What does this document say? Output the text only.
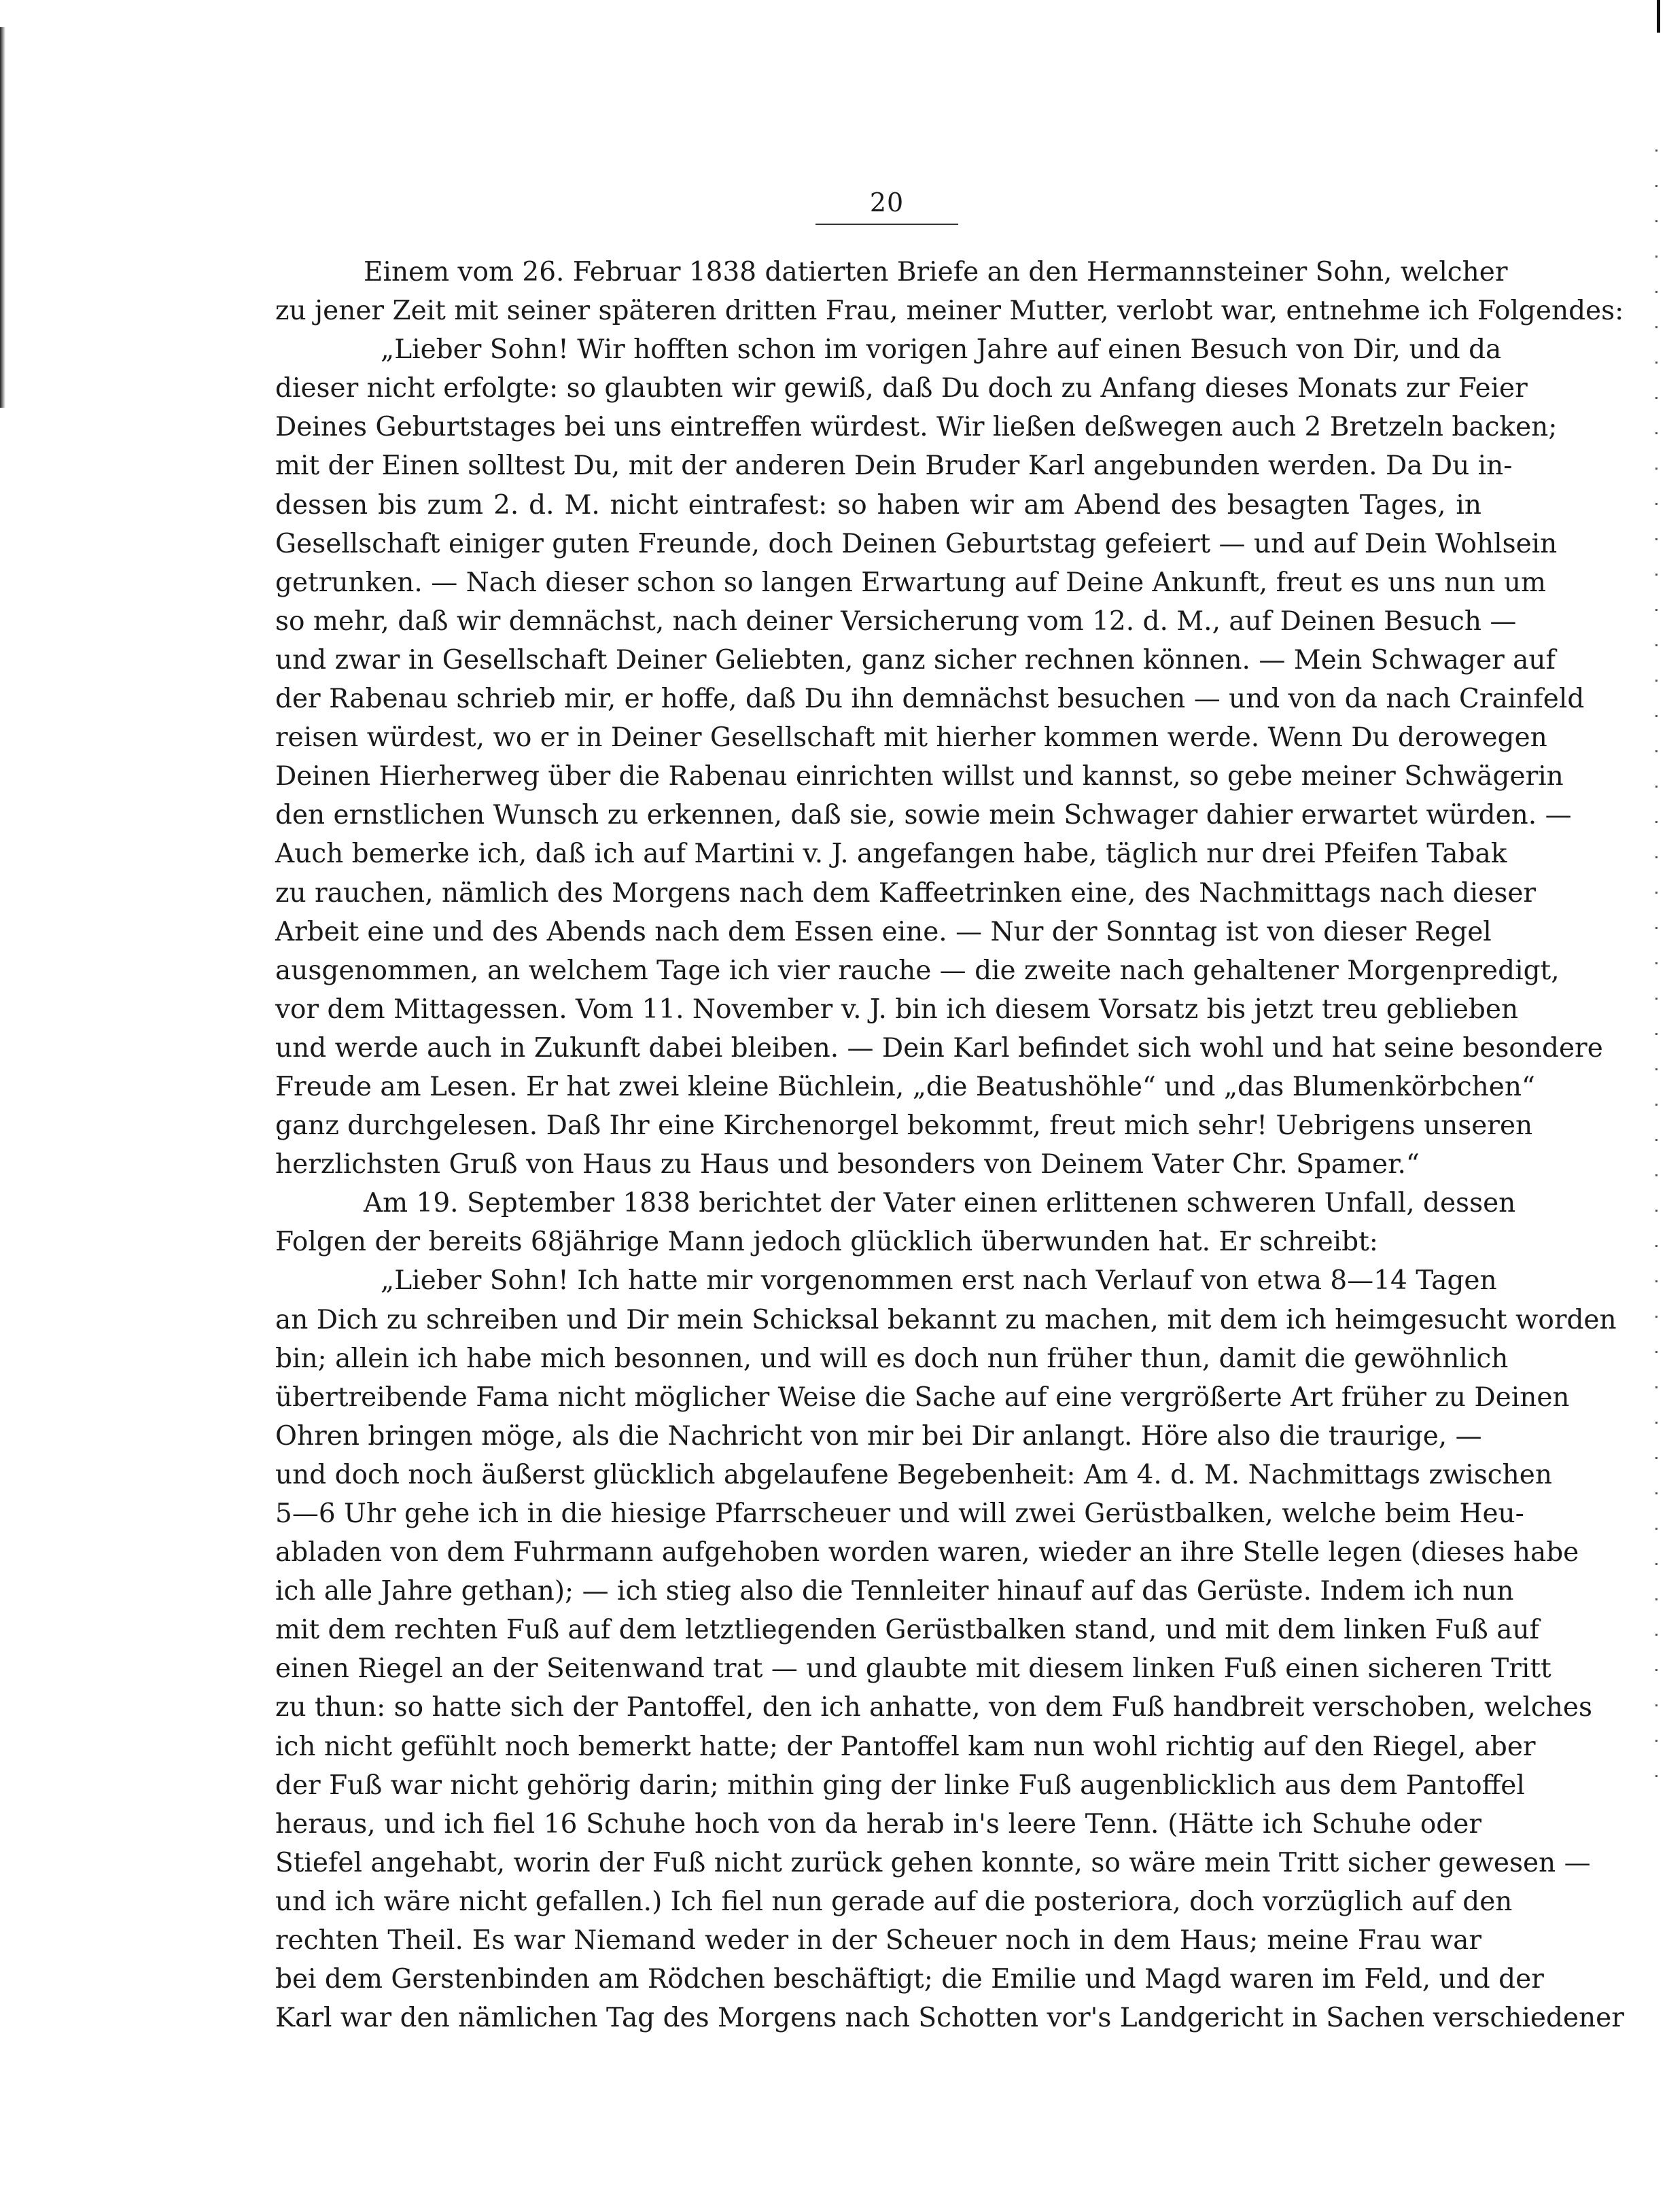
20
Einem vom 26. Februar 1838 datierten Briefe an den Hermannsteiner Sohn, welcher
zu jener Zeit mit seiner späteren dritten Frau, meiner Mutter, verlobt war, entnehme ich Folgendes:
„Lieber Sohn! Wir hofften schon im vorigen Jahre auf einen Besuch von Dir, und da
dieser nicht erfolgte: so glaubten wir gewiß, daß Du doch zu Anfang dieses Monats zur Feier
Deines Geburtstages bei uns eintreffen würdest. Wir ließen deßwegen auch 2 Bretzeln backen;
mit der Einen solltest Du, mit der anderen Dein Bruder Karl angebunden werden. Da Du in-
dessen bis zum 2. d. M. nicht eintrafest: so haben wir am Abend des besagten Tages, in
Gesellschaft einiger guten Freunde, doch Deinen Geburtstag gefeiert — und auf Dein Wohlsein
getrunken. — Nach dieser schon so langen Erwartung auf Deine Ankunft, freut es uns nun um
so mehr, daß wir demnächst, nach deiner Versicherung vom 12. d. M., auf Deinen Besuch —
und zwar in Gesellschaft Deiner Geliebten, ganz sicher rechnen können. — Mein Schwager auf
der Rabenau schrieb mir, er hoffe, daß Du ihn demnächst besuchen — und von da nach Crainfeld
reisen würdest, wo er in Deiner Gesellschaft mit hierher kommen werde. Wenn Du derowegen
Deinen Hierherweg über die Rabenau einrichten willst und kannst, so gebe meiner Schwägerin
den ernstlichen Wunsch zu erkennen, daß sie, sowie mein Schwager dahier erwartet würden. —
Auch bemerke ich, daß ich auf Martini v. J. angefangen habe, täglich nur drei Pfeifen Tabak
zu rauchen, nämlich des Morgens nach dem Kaffeetrinken eine, des Nachmittags nach dieser
Arbeit eine und des Abends nach dem Essen eine. — Nur der Sonntag ist von dieser Regel
ausgenommen, an welchem Tage ich vier rauche — die zweite nach gehaltener Morgenpredigt,
vor dem Mittagessen. Vom 11. November v. J. bin ich diesem Vorsatz bis jetzt treu geblieben
und werde auch in Zukunft dabei bleiben. — Dein Karl befindet sich wohl und hat seine besondere
Freude am Lesen. Er hat zwei kleine Büchlein, „die Beatushöhle“ und „das Blumenkörbchen“
ganz durchgelesen. Daß Ihr eine Kirchenorgel bekommt, freut mich sehr! Uebrigens unseren
herzlichsten Gruß von Haus zu Haus und besonders von Deinem Vater Chr. Spamer.“
Am 19. September 1838 berichtet der Vater einen erlittenen schweren Unfall, dessen
Folgen der bereits 68jährige Mann jedoch glücklich überwunden hat. Er schreibt:
„Lieber Sohn! Ich hatte mir vorgenommen erst nach Verlauf von etwa 8—14 Tagen
an Dich zu schreiben und Dir mein Schicksal bekannt zu machen, mit dem ich heimgesucht worden
bin; allein ich habe mich besonnen, und will es doch nun früher thun, damit die gewöhnlich
übertreibende Fama nicht möglicher Weise die Sache auf eine vergrößerte Art früher zu Deinen
Ohren bringen möge, als die Nachricht von mir bei Dir anlangt. Höre also die traurige, —
und doch noch äußerst glücklich abgelaufene Begebenheit: Am 4. d. M. Nachmittags zwischen
5—6 Uhr gehe ich in die hiesige Pfarrscheuer und will zwei Gerüstbalken, welche beim Heu-
abladen von dem Fuhrmann aufgehoben worden waren, wieder an ihre Stelle legen (dieses habe
ich alle Jahre gethan); — ich stieg also die Tennleiter hinauf auf das Gerüste. Indem ich nun
mit dem rechten Fuß auf dem letztliegenden Gerüstbalken stand, und mit dem linken Fuß auf
einen Riegel an der Seitenwand trat — und glaubte mit diesem linken Fuß einen sicheren Tritt
zu thun: so hatte sich der Pantoffel, den ich anhatte, von dem Fuß handbreit verschoben, welches
ich nicht gefühlt noch bemerkt hatte; der Pantoffel kam nun wohl richtig auf den Riegel, aber
der Fuß war nicht gehörig darin; mithin ging der linke Fuß augenblicklich aus dem Pantoffel
heraus, und ich fiel 16 Schuhe hoch von da herab in's leere Tenn. (Hätte ich Schuhe oder
Stiefel angehabt, worin der Fuß nicht zurück gehen konnte, so wäre mein Tritt sicher gewesen —
und ich wäre nicht gefallen.) Ich fiel nun gerade auf die posteriora, doch vorzüglich auf den
rechten Theil. Es war Niemand weder in der Scheuer noch in dem Haus; meine Frau war
bei dem Gerstenbinden am Rödchen beschäftigt; die Emilie und Magd waren im Feld, und der
Karl war den nämlichen Tag des Morgens nach Schotten vor's Landgericht in Sachen verschiedener
